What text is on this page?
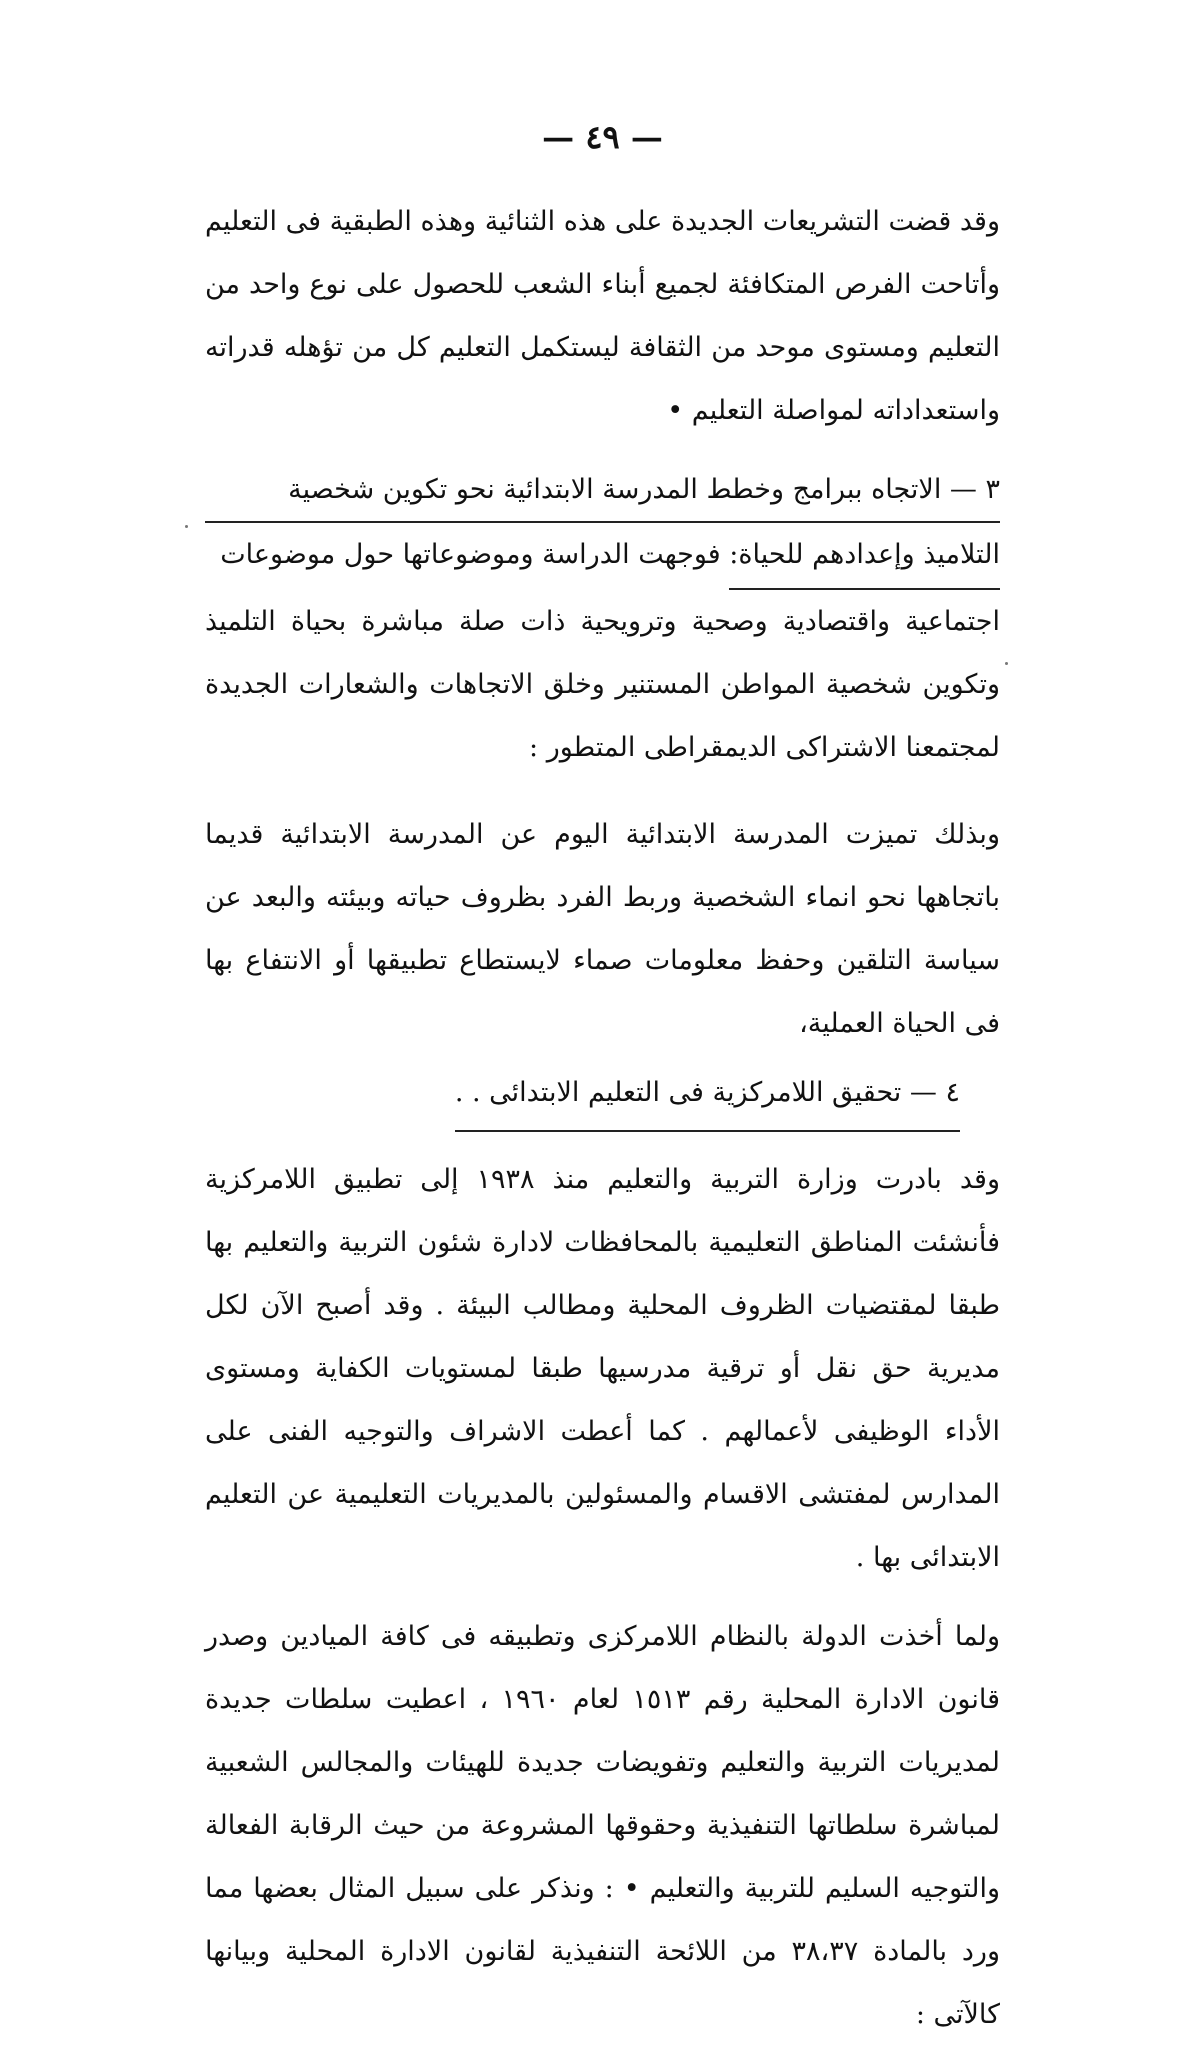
— ٤٩ —

وقد قضت التشريعات الجديدة على هذه الثنائية وهذه الطبقية فى التعليم وأتاحت الفرص المتكافئة لجميع أبناء الشعب للحصول على نوع واحد من التعليم ومستوى موحد من الثقافة ليستكمل التعليم كل من تؤهله قدراته واستعداداته لمواصلة التعليم •

٣ — الاتجاه ببرامج وخطط المدرسة الابتدائية نحو تكوين شخصية

التلاميذ وإعدادهم للحياة: فوجهت الدراسة وموضوعاتها حول موضوعات

اجتماعية واقتصادية وصحية وترويحية ذات صلة مباشرة بحياة التلميذ وتكوين شخصية المواطن المستنير وخلق الاتجاهات والشعارات الجديدة لمجتمعنا الاشتراكى الديمقراطى المتطور :

وبذلك تميزت المدرسة الابتدائية اليوم عن المدرسة الابتدائية قديما باتجاهها نحو انماء الشخصية وربط الفرد بظروف حياته وبيئته والبعد عن سياسة التلقين وحفظ معلومات صماء لايستطاع تطبيقها أو الانتفاع بها فى الحياة العملية،

٤ — تحقيق اللامركزية فى التعليم الابتدائى . .

وقد بادرت وزارة التربية والتعليم منذ ١٩٣٨ إلى تطبيق اللامركزية فأنشئت المناطق التعليمية بالمحافظات لادارة شئون التربية والتعليم بها طبقا لمقتضيات الظروف المحلية ومطالب البيئة . وقد أصبح الآن لكل مديرية حق نقل أو ترقية مدرسيها طبقا لمستويات الكفاية ومستوى الأداء الوظيفى لأعمالهم . كما أعطت الاشراف والتوجيه الفنى على المدارس لمفتشى الاقسام والمسئولين بالمديريات التعليمية عن التعليم الابتدائى بها .

ولما أخذت الدولة بالنظام اللامركزى وتطبيقه فى كافة الميادين وصدر قانون الادارة المحلية رقم ١٥١٣ لعام ١٩٦٠ ، اعطيت سلطات جديدة لمديريات التربية والتعليم وتفويضات جديدة للهيئات والمجالس الشعبية لمباشرة سلطاتها التنفيذية وحقوقها المشروعة من حيث الرقابة الفعالة والتوجيه السليم للتربية والتعليم • : ونذكر على سبيل المثال بعضها مما ورد بالمادة ٣٨،٣٧ من اللائحة التنفيذية لقانون الادارة المحلية وبيانها كالآتى :
